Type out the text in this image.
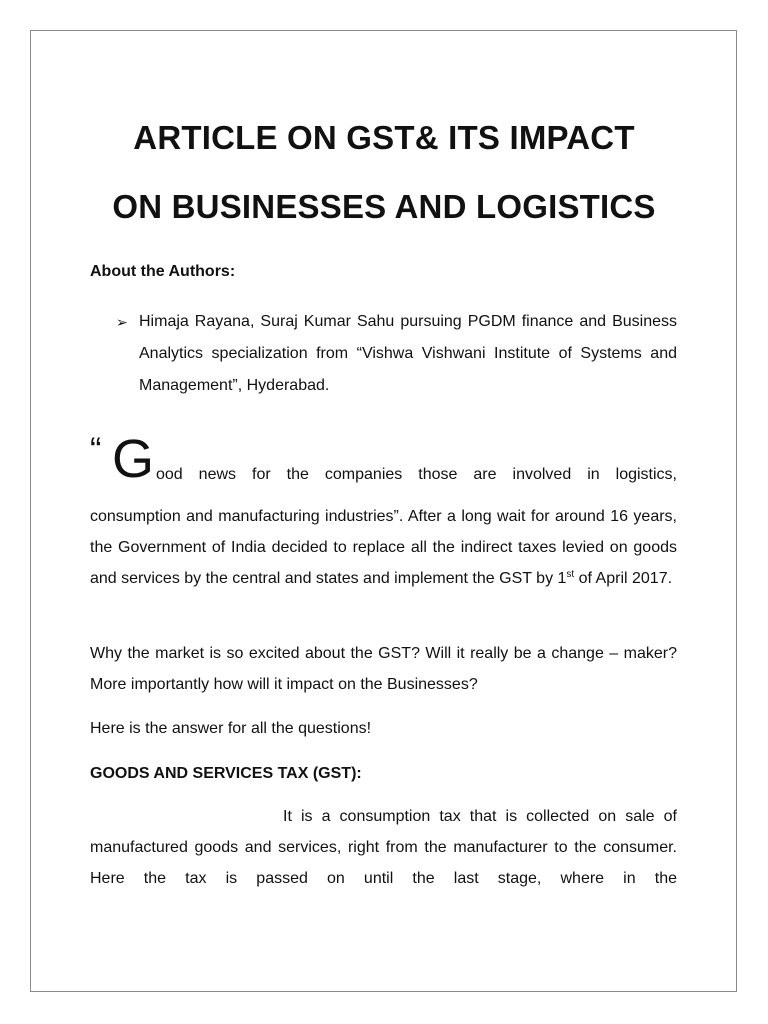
ARTICLE ON GST& ITS IMPACT
ON BUSINESSES AND LOGISTICS

About the Authors:

➢ Himaja Rayana, Suraj Kumar Sahu pursuing PGDM finance and Business Analytics specialization from “Vishwa Vishwani Institute of Systems and Management”, Hyderabad.

“ G ood news for the companies those are involved in logistics,

consumption and manufacturing industries”. After a long wait for around 16 years, the Government of India decided to replace all the indirect taxes levied on goods and services by the central and states and implement the GST by 1st of April 2017.

Why the market is so excited about the GST? Will it really be a change – maker? More importantly how will it impact on the Businesses?

Here is the answer for all the questions!

GOODS AND SERVICES TAX (GST):

It is a consumption tax that is collected on sale of

manufactured goods and services, right from the manufacturer to the consumer. Here the tax is passed on until the last stage, where in the
